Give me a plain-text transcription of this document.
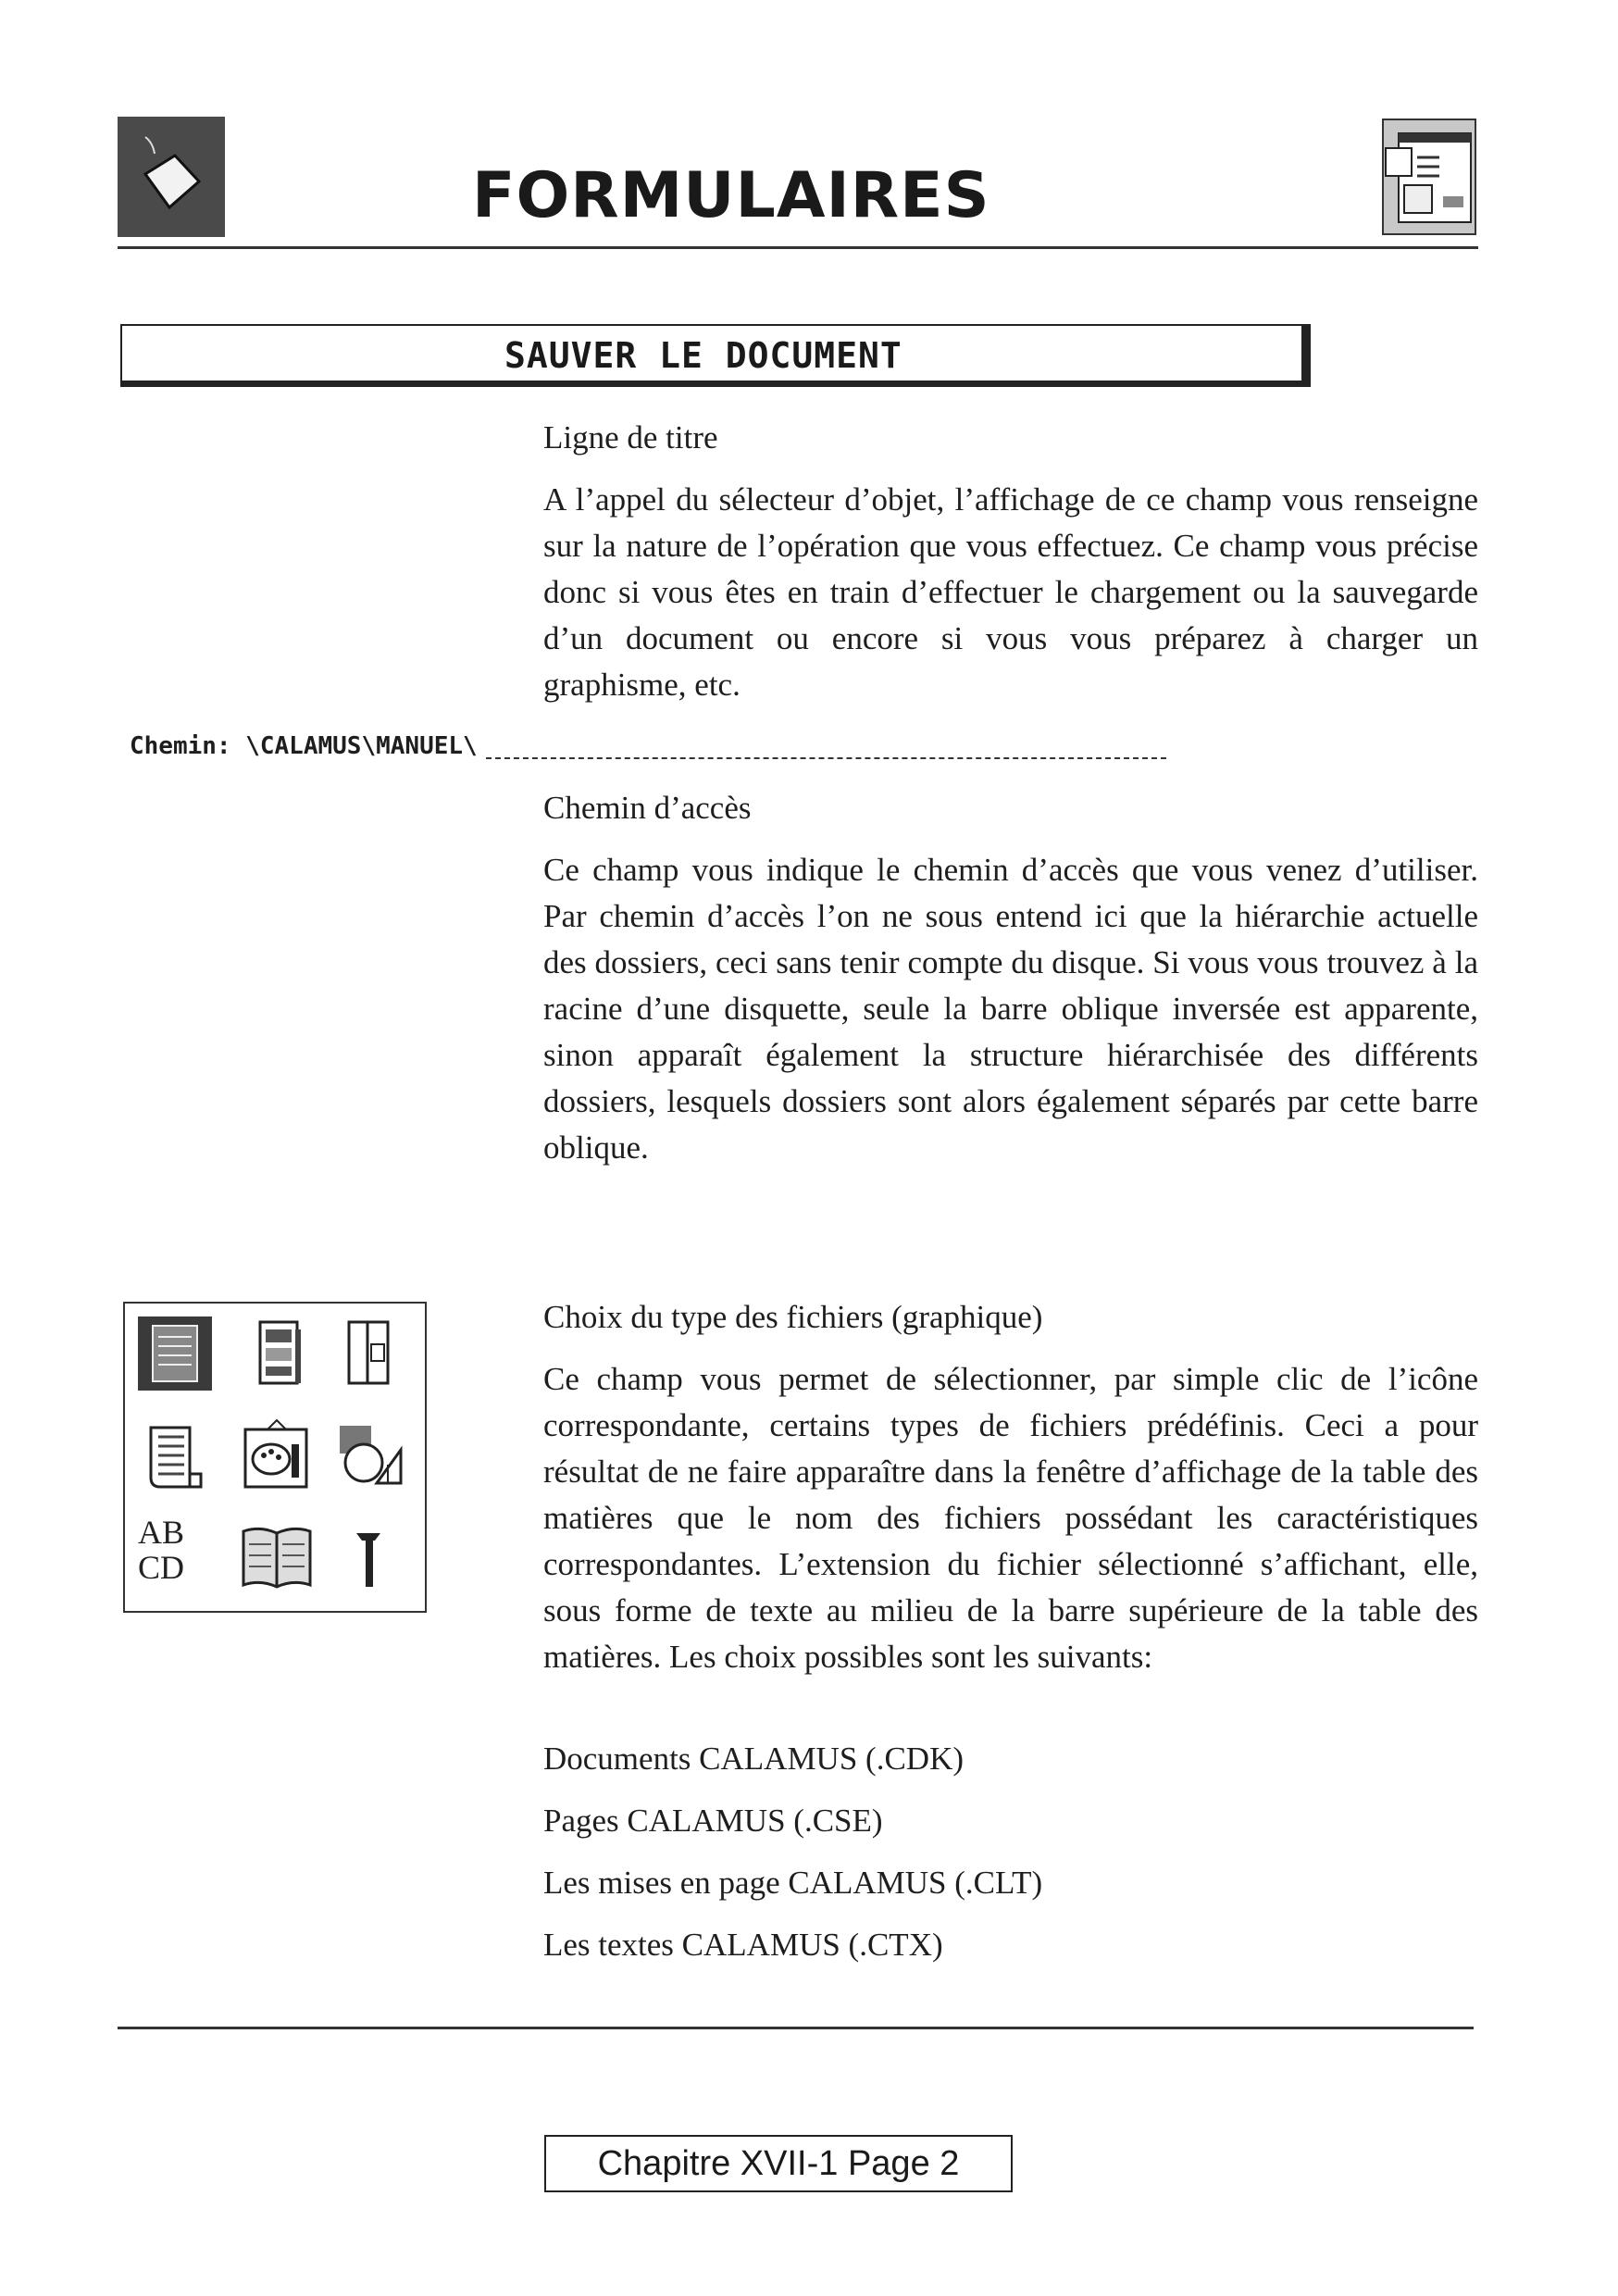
FORMULAIRES
SAUVER LE DOCUMENT
Ligne de titre
A l’appel du sélecteur d’objet, l’affichage de ce champ vous renseigne sur la nature de l’opération que vous effectuez. Ce champ vous précise donc si vous êtes en train d’effectuer le chargement ou la sauvegarde d’un document ou encore si vous vous préparez à charger un graphisme, etc.
Chemin: \CALAMUS\MANUEL\
Chemin d’accès
Ce champ vous indique le chemin d’accès que vous venez d’utiliser. Par chemin d’accès l’on ne sous entend ici que la hiérarchie actuelle des dossiers, ceci sans tenir compte du disque. Si vous vous trouvez à la racine d’une disquette, seule la barre oblique inversée est apparente, sinon apparaît également la structure hiérarchisée des différents dossiers, lesquels dossiers sont alors également séparés par cette barre oblique.
AB
CD
Choix du type des fichiers (graphique)
Ce champ vous permet de sélectionner, par simple clic de l’icône correspondante, certains types de fichiers prédéfinis. Ceci a pour résultat de ne faire apparaître dans la fenêtre d’affichage de la table des matières que le nom des fichiers possédant les caractéristiques correspondantes. L’extension du fichier sélectionné s’affichant, elle, sous forme de texte au milieu de la barre supérieure de la table des matières. Les choix possibles sont les suivants:
Documents CALAMUS (.CDK)
Pages CALAMUS (.CSE)
Les mises en page CALAMUS (.CLT)
Les textes CALAMUS (.CTX)
Chapitre XVII-1 Page 2
